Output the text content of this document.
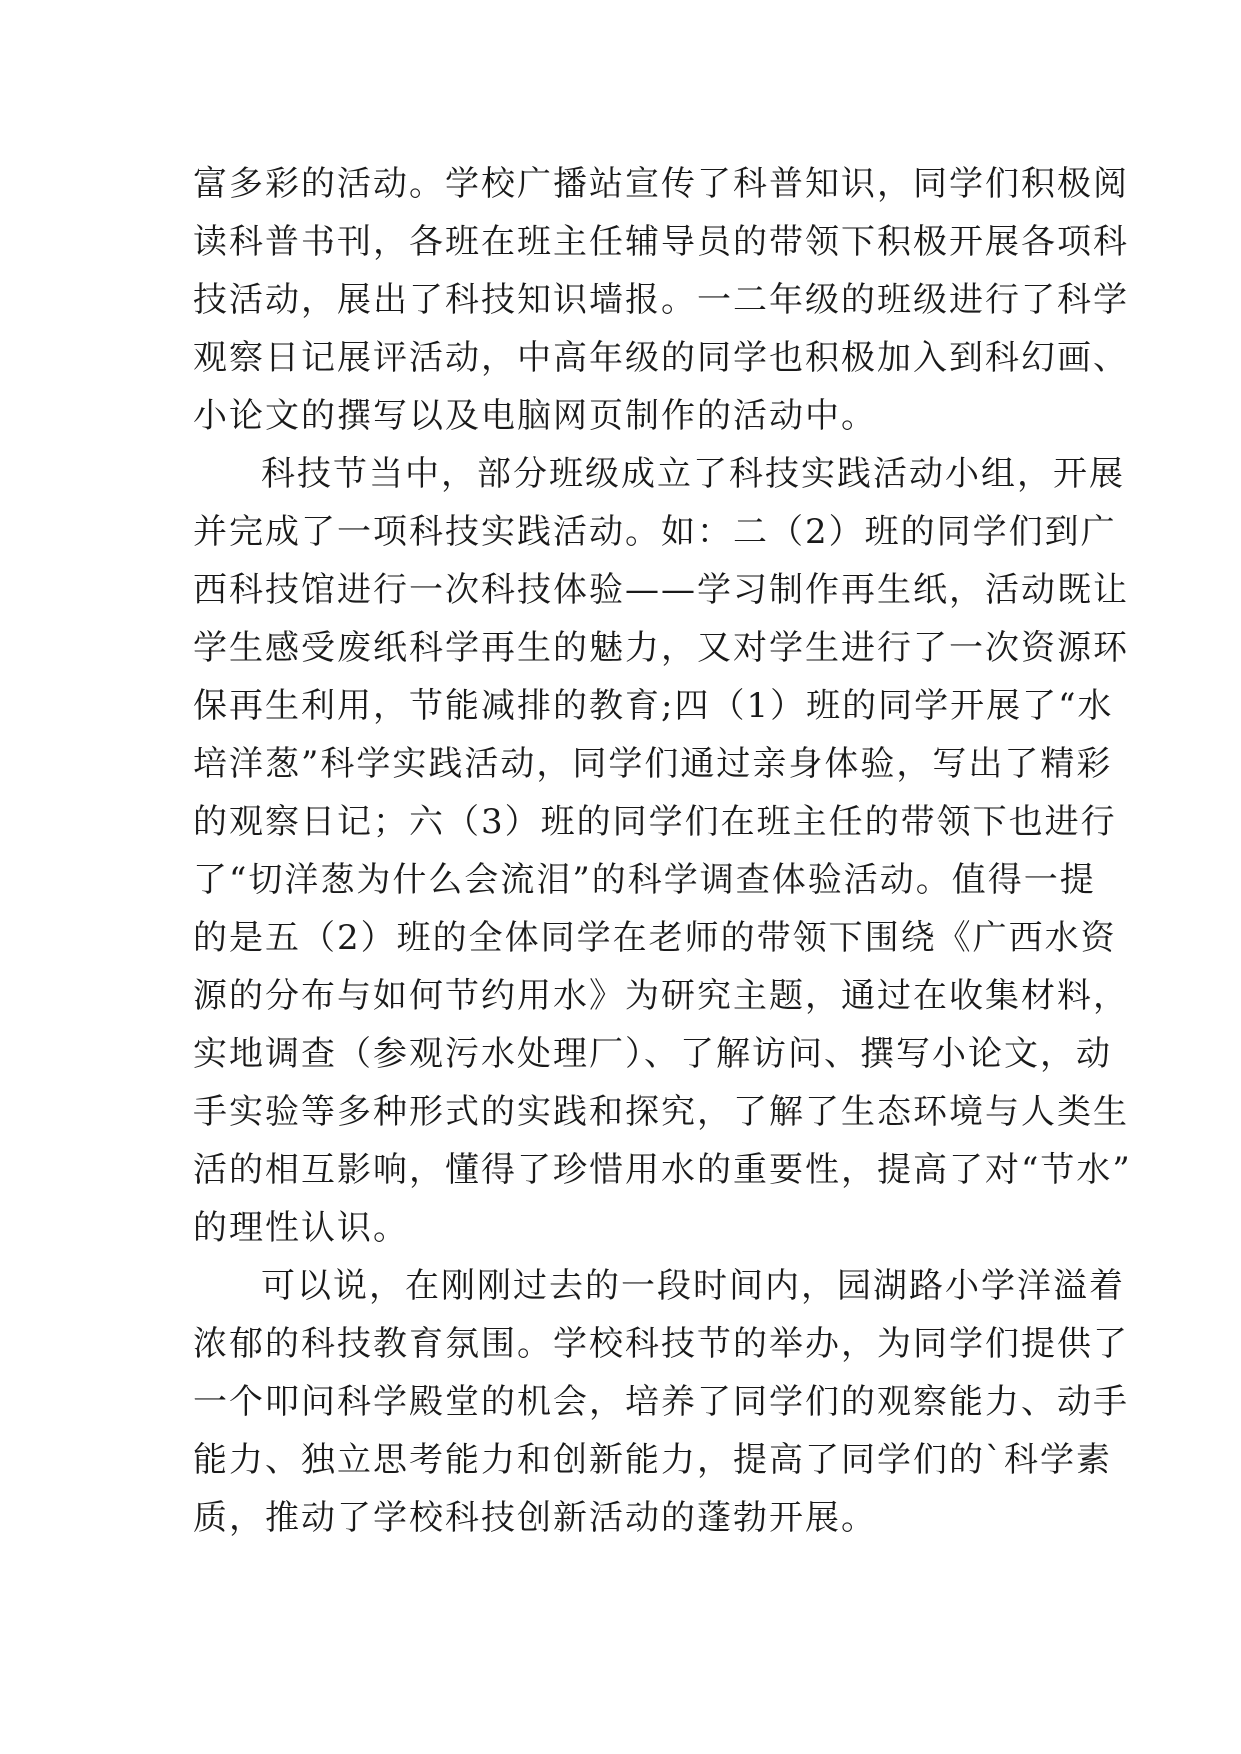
富多彩的活动。学校广播站宣传了科普知识，同学们积极阅
读科普书刊，各班在班主任辅导员的带领下积极开展各项科
技活动，展出了科技知识墙报。一二年级的班级进行了科学
观察日记展评活动，中高年级的同学也积极加入到科幻画、
小论文的撰写以及电脑网页制作的活动中。
科技节当中，部分班级成立了科技实践活动小组，开展
并完成了一项科技实践活动。如：二（2）班的同学们到广
西科技馆进行一次科技体验——学习制作再生纸，活动既让
学生感受废纸科学再生的魅力，又对学生进行了一次资源环
保再生利用，节能减排的教育;四（1）班的同学开展了“水
培洋葱”科学实践活动，同学们通过亲身体验，写出了精彩
的观察日记；六（3）班的同学们在班主任的带领下也进行
了“切洋葱为什么会流泪”的科学调查体验活动。值得一提
的是五（2）班的全体同学在老师的带领下围绕《广西水资
源的分布与如何节约用水》为研究主题，通过在收集材料，
实地调查（参观污水处理厂）、了解访问、撰写小论文，动
手实验等多种形式的实践和探究，了解了生态环境与人类生
活的相互影响，懂得了珍惜用水的重要性，提高了对“节水”
的理性认识。
可以说，在刚刚过去的一段时间内，园湖路小学洋溢着
浓郁的科技教育氛围。学校科技节的举办，为同学们提供了
一个叩问科学殿堂的机会，培养了同学们的观察能力、动手
能力、独立思考能力和创新能力，提高了同学们的`科学素
质，推动了学校科技创新活动的蓬勃开展。
